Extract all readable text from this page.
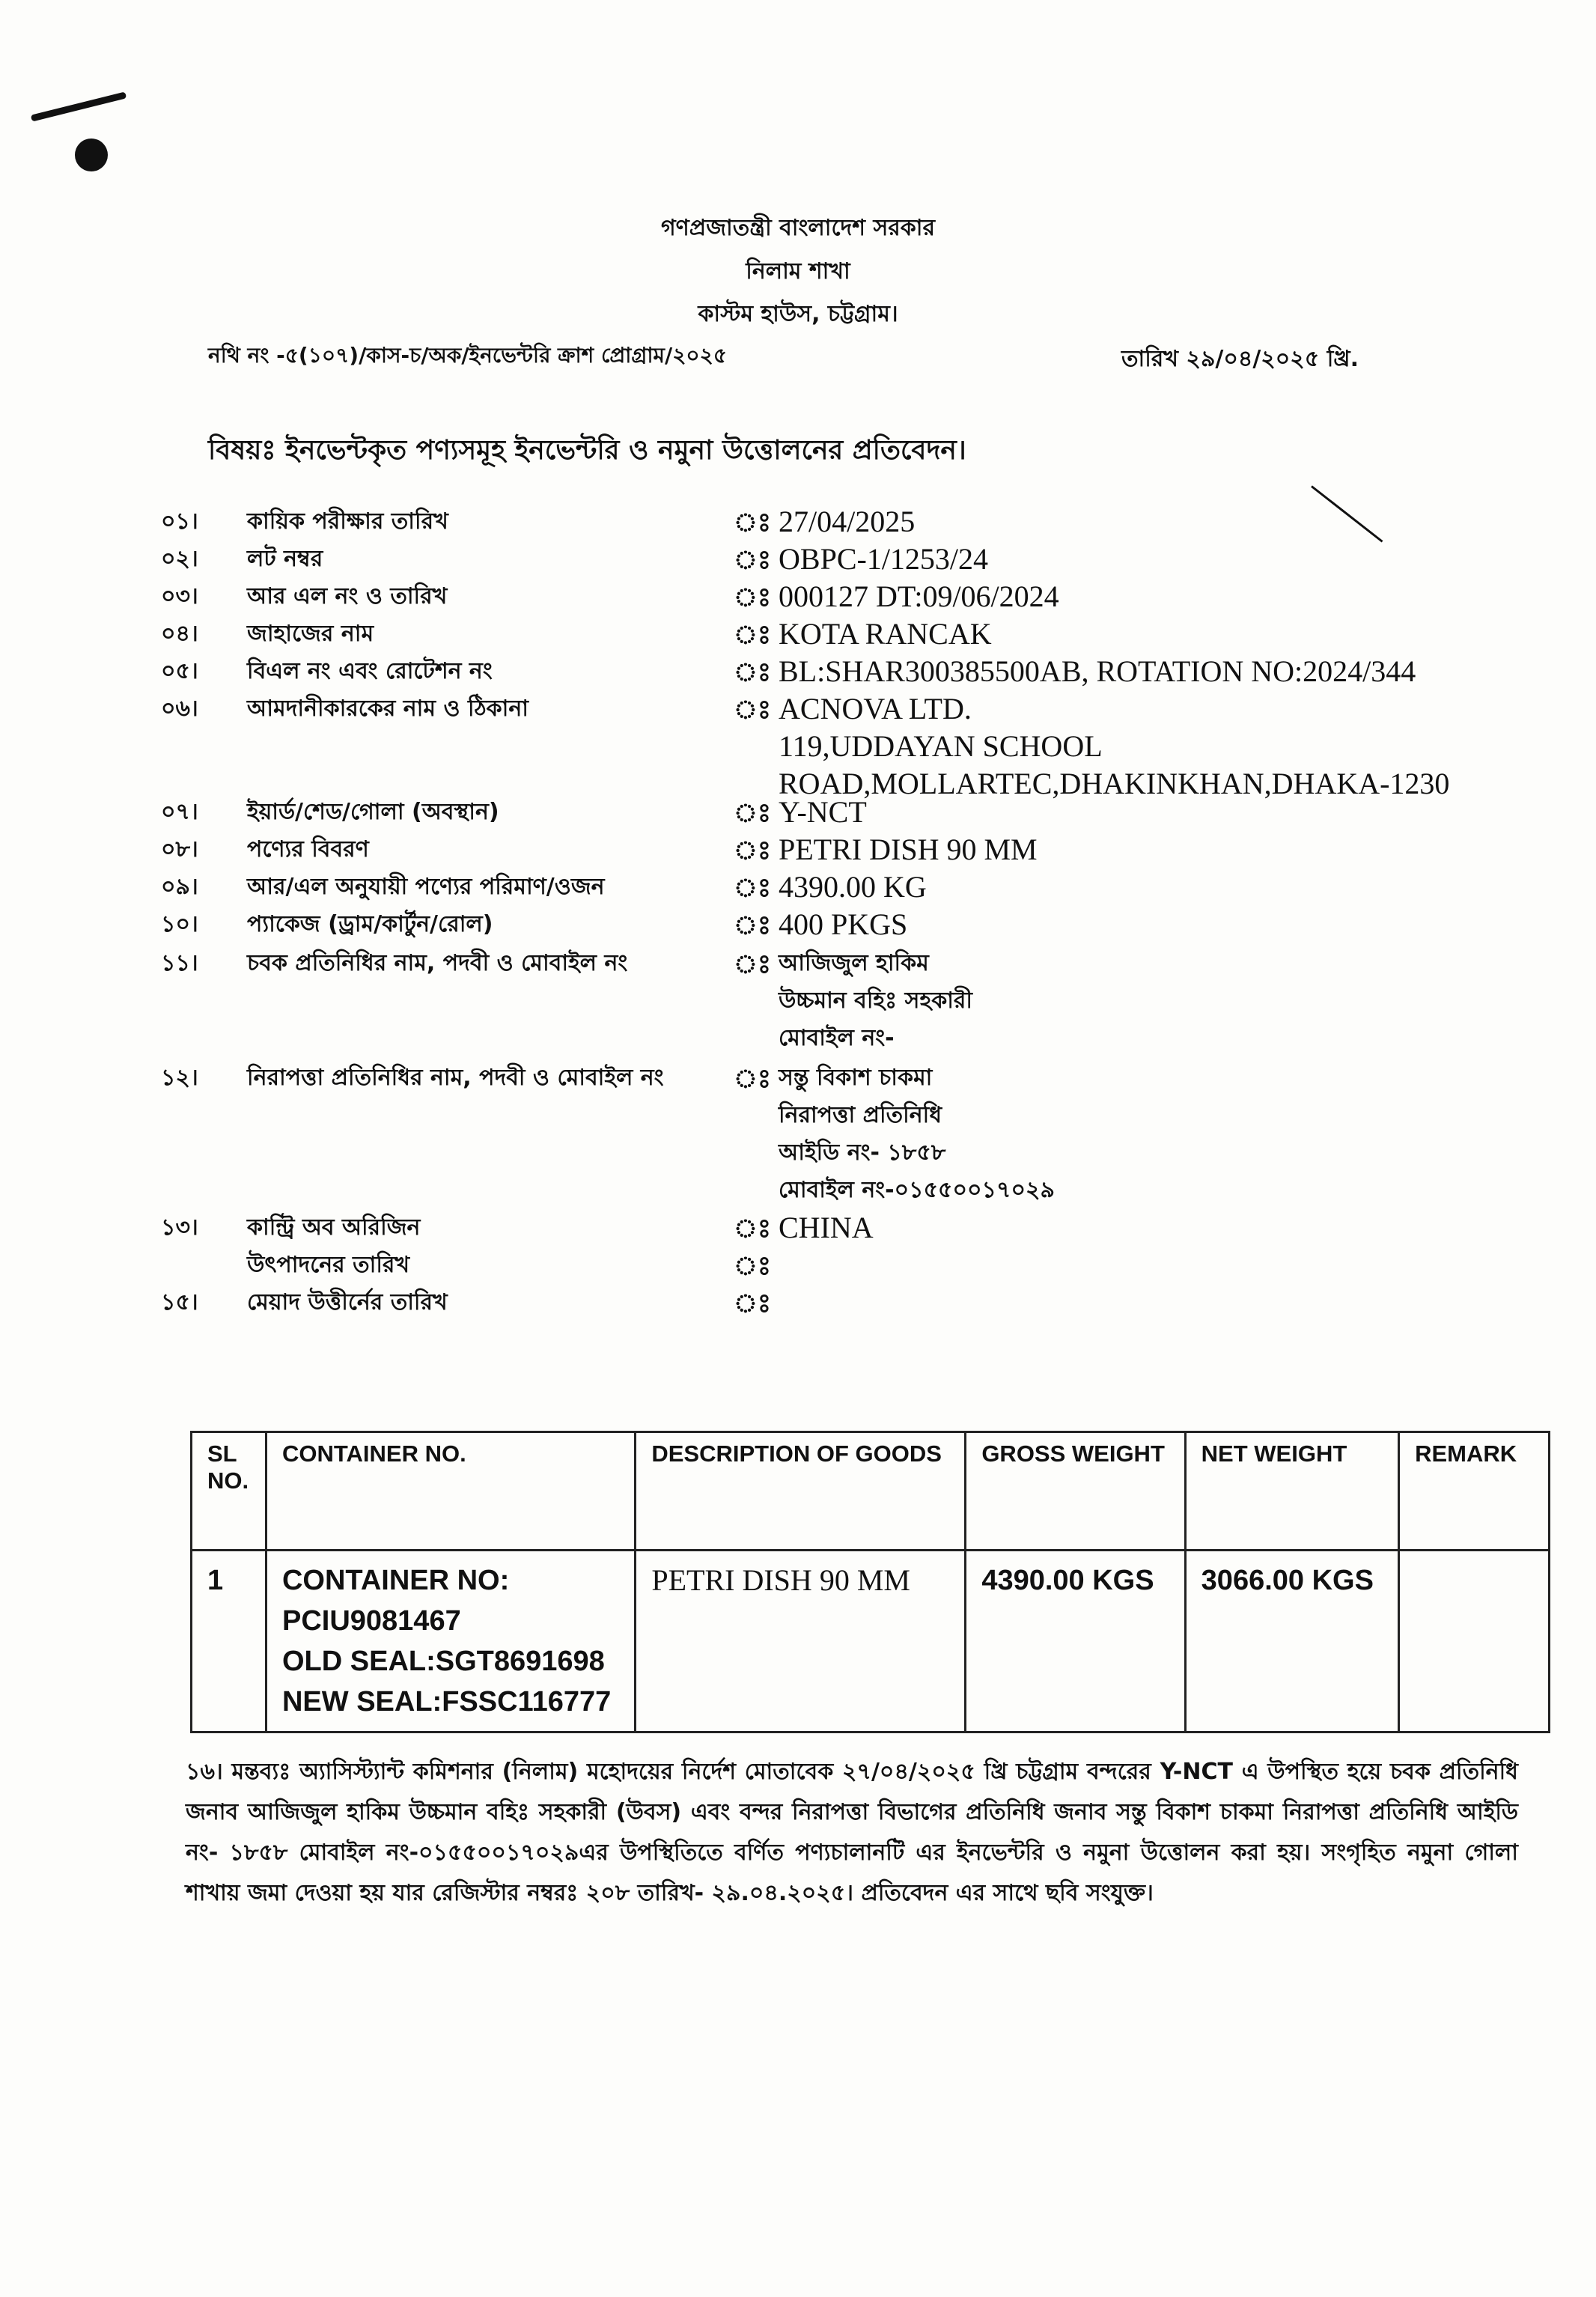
গণপ্রজাতন্ত্রী বাংলাদেশ সরকার
নিলাম শাখা
কাস্টম হাউস, চট্টগ্রাম।
নথি নং -৫(১০৭)/কাস-চ/অক/ইনভেন্টরি ক্রাশ প্রোগ্রাম/২০২৫	তারিখ ২৯/০৪/২০২৫ খ্রি.
বিষয়ঃ ইনভেন্টকৃত পণ্যসমূহ ইনভেন্টরি ও নমুনা উত্তোলনের প্রতিবেদন।
০১। কায়িক পরীক্ষার তারিখ	ঃ 27/04/2025
০২। লট নম্বর	ঃ OBPC-1/1253/24
০৩। আর এল নং ও তারিখ	ঃ 000127 DT:09/06/2024
০৪। জাহাজের নাম	ঃ KOTA RANCAK
০৫। বিএল নং এবং রোটেশন নং	ঃ BL:SHAR300385500AB, ROTATION NO:2024/344
০৬। আমদানীকারকের নাম ও ঠিকানা	ঃ ACNOVA LTD.
119,UDDAYAN SCHOOL
ROAD,MOLLARTEC,DHAKINKHAN,DHAKA-1230
০৭। ইয়ার্ড/শেড/গোলা (অবস্থান)	ঃ Y-NCT
০৮। পণ্যের বিবরণ	ঃ PETRI DISH 90 MM
০৯। আর/এল অনুযায়ী পণ্যের পরিমাণ/ওজন	ঃ 4390.00 KG
১০। প্যাকেজ (ড্রাম/কার্টুন/রোল)	ঃ 400 PKGS
১১। চবক প্রতিনিধির নাম, পদবী ও মোবাইল নং	ঃ আজিজুল হাকিম
উচ্চমান বহিঃ সহকারী
মোবাইল নং-
১২। নিরাপত্তা প্রতিনিধির নাম, পদবী ও মোবাইল নং	ঃ সন্তু বিকাশ চাকমা
নিরাপত্তা প্রতিনিধি
আইডি নং- ১৮৫৮
মোবাইল নং-০১৫৫০০১৭০২৯
১৩। কান্ট্রি অব অরিজিন	ঃ CHINA
উৎপাদনের তারিখ	ঃ
১৫। মেয়াদ উত্তীর্নের তারিখ	ঃ
SL NO.	CONTAINER NO.	DESCRIPTION OF GOODS	GROSS WEIGHT	NET WEIGHT	REMARK
1	CONTAINER NO:
PCIU9081467
OLD SEAL:SGT8691698
NEW SEAL:FSSC116777	PETRI DISH 90 MM	4390.00 KGS	3066.00 KGS	
১৬। মন্তব্যঃ অ্যাসিস্ট্যান্ট কমিশনার (নিলাম) মহোদয়ের নির্দেশ মোতাবেক ২৭/০৪/২০২৫ খ্রি চট্টগ্রাম বন্দরের Y-NCT এ উপস্থিত হয়ে চবক প্রতিনিধি জনাব আজিজুল হাকিম উচ্চমান বহিঃ সহকারী (উবস) এবং বন্দর নিরাপত্তা বিভাগের প্রতিনিধি জনাব সন্তু বিকাশ চাকমা নিরাপত্তা প্রতিনিধি আইডি নং- ১৮৫৮ মোবাইল নং-০১৫৫০০১৭০২৯এর উপস্থিতিতে বর্ণিত পণ্যচালানটি এর ইনভেন্টরি ও নমুনা উত্তোলন করা হয়। সংগৃহিত নমুনা গোলা শাখায় জমা দেওয়া হয় যার রেজিস্টার নম্বরঃ ২০৮ তারিখ- ২৯.০৪.২০২৫। প্রতিবেদন এর সাথে ছবি সংযুক্ত।
